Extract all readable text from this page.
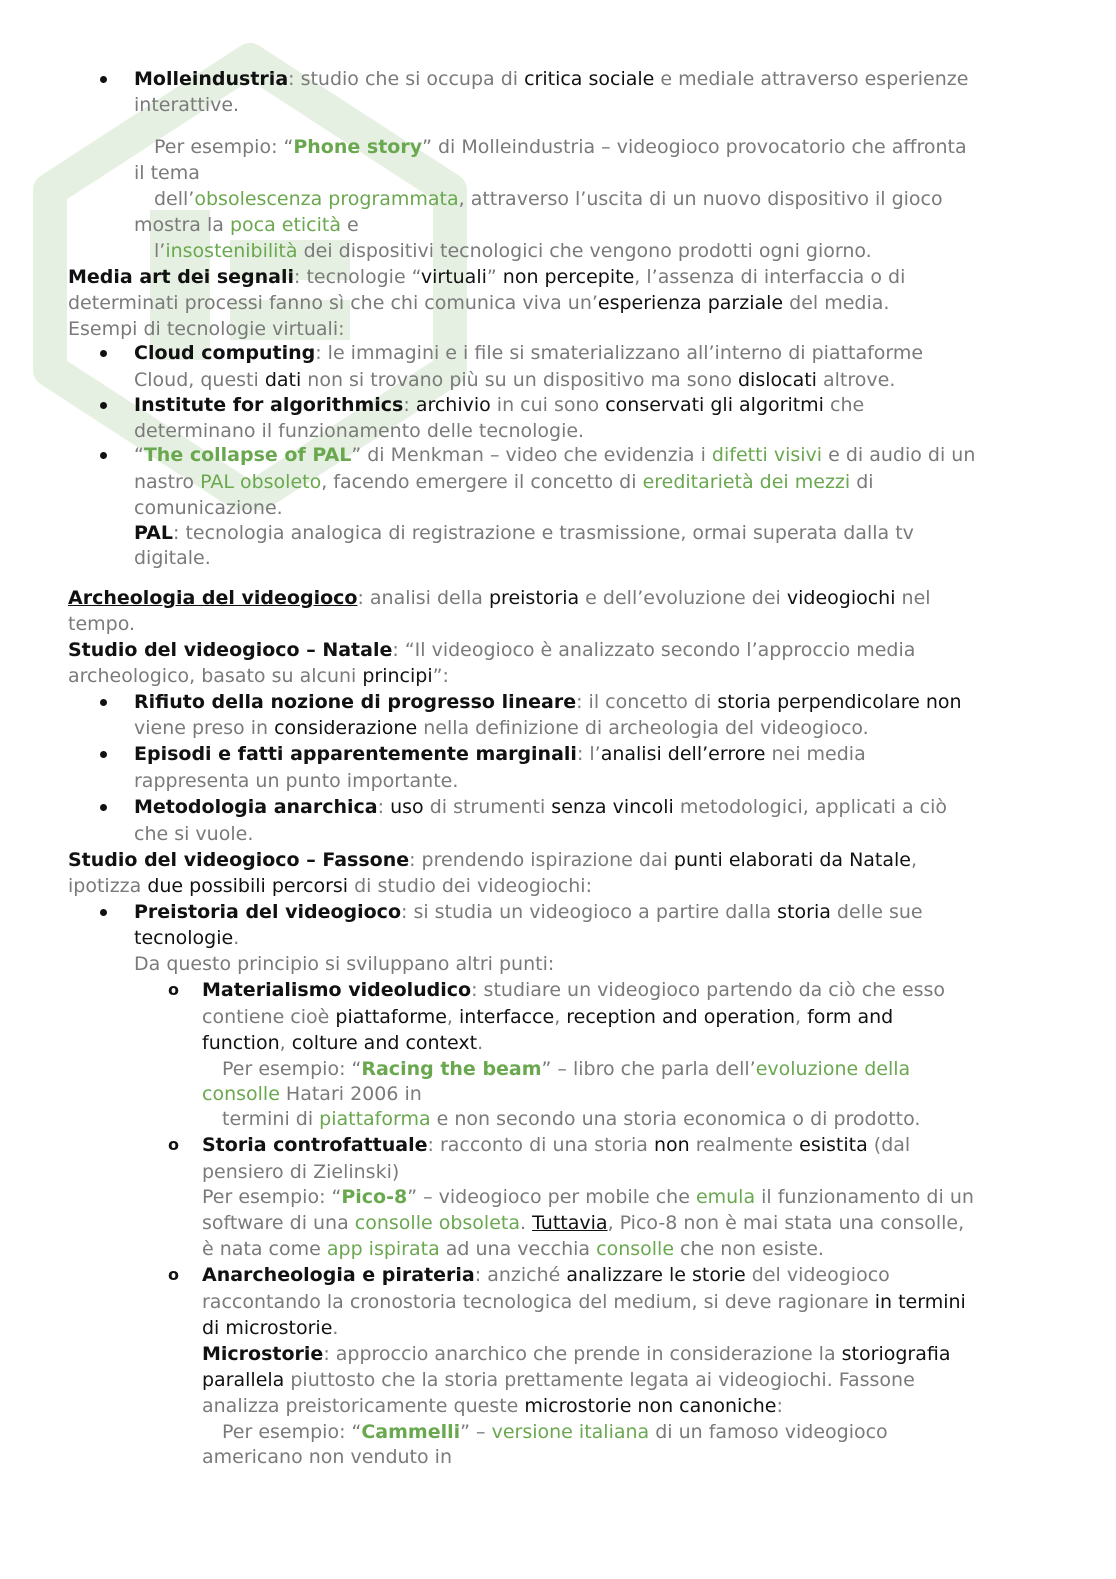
Molleindustria: studio che si occupa di critica sociale e mediale attraverso esperienze
interattive.
Per esempio: “Phone story” di Molleindustria – videogioco provocatorio che affronta
il tema
dell’obsolescenza programmata, attraverso l’uscita di un nuovo dispositivo il gioco
mostra la poca eticità e
l’insostenibilità dei dispositivi tecnologici che vengono prodotti ogni giorno.
Media art dei segnali: tecnologie “virtuali” non percepite, l’assenza di interfaccia o di
determinati processi fanno sì che chi comunica viva un’esperienza parziale del media.
Esempi di tecnologie virtuali:
Cloud computing: le immagini e i file si smaterializzano all’interno di piattaforme
Cloud, questi dati non si trovano più su un dispositivo ma sono dislocati altrove.
Institute for algorithmics: archivio in cui sono conservati gli algoritmi che
determinano il funzionamento delle tecnologie.
“The collapse of PAL” di Menkman – video che evidenzia i difetti visivi e di audio di un
nastro PAL obsoleto, facendo emergere il concetto di ereditarietà dei mezzi di
comunicazione.
PAL: tecnologia analogica di registrazione e trasmissione, ormai superata dalla tv
digitale.
Archeologia del videogioco: analisi della preistoria e dell’evoluzione dei videogiochi nel
tempo.
Studio del videogioco – Natale: “Il videogioco è analizzato secondo l’approccio media
archeologico, basato su alcuni principi”:
Rifiuto della nozione di progresso lineare: il concetto di storia perpendicolare non
viene preso in considerazione nella definizione di archeologia del videogioco.
Episodi e fatti apparentemente marginali: l’analisi dell’errore nei media
rappresenta un punto importante.
Metodologia anarchica: uso di strumenti senza vincoli metodologici, applicati a ciò
che si vuole.
Studio del videogioco – Fassone: prendendo ispirazione dai punti elaborati da Natale,
ipotizza due possibili percorsi di studio dei videogiochi:
Preistoria del videogioco: si studia un videogioco a partire dalla storia delle sue
tecnologie.
Da questo principio si sviluppano altri punti:
o Materialismo videoludico: studiare un videogioco partendo da ciò che esso
contiene cioè piattaforme, interfacce, reception and operation, form and
function, colture and context.
Per esempio: “Racing the beam” – libro che parla dell’evoluzione della
consolle Hatari 2006 in
termini di piattaforma e non secondo una storia economica o di prodotto.
o Storia controfattuale: racconto di una storia non realmente esistita (dal
pensiero di Zielinski)
Per esempio: “Pico-8” – videogioco per mobile che emula il funzionamento di un
software di una consolle obsoleta. Tuttavia, Pico-8 non è mai stata una consolle,
è nata come app ispirata ad una vecchia consolle che non esiste.
o Anarcheologia e pirateria: anziché analizzare le storie del videogioco
raccontando la cronostoria tecnologica del medium, si deve ragionare in termini
di microstorie.
Microstorie: approccio anarchico che prende in considerazione la storiografia
parallela piuttosto che la storia prettamente legata ai videogiochi. Fassone
analizza preistoricamente queste microstorie non canoniche:
Per esempio: “Cammelli” – versione italiana di un famoso videogioco
americano non venduto in
